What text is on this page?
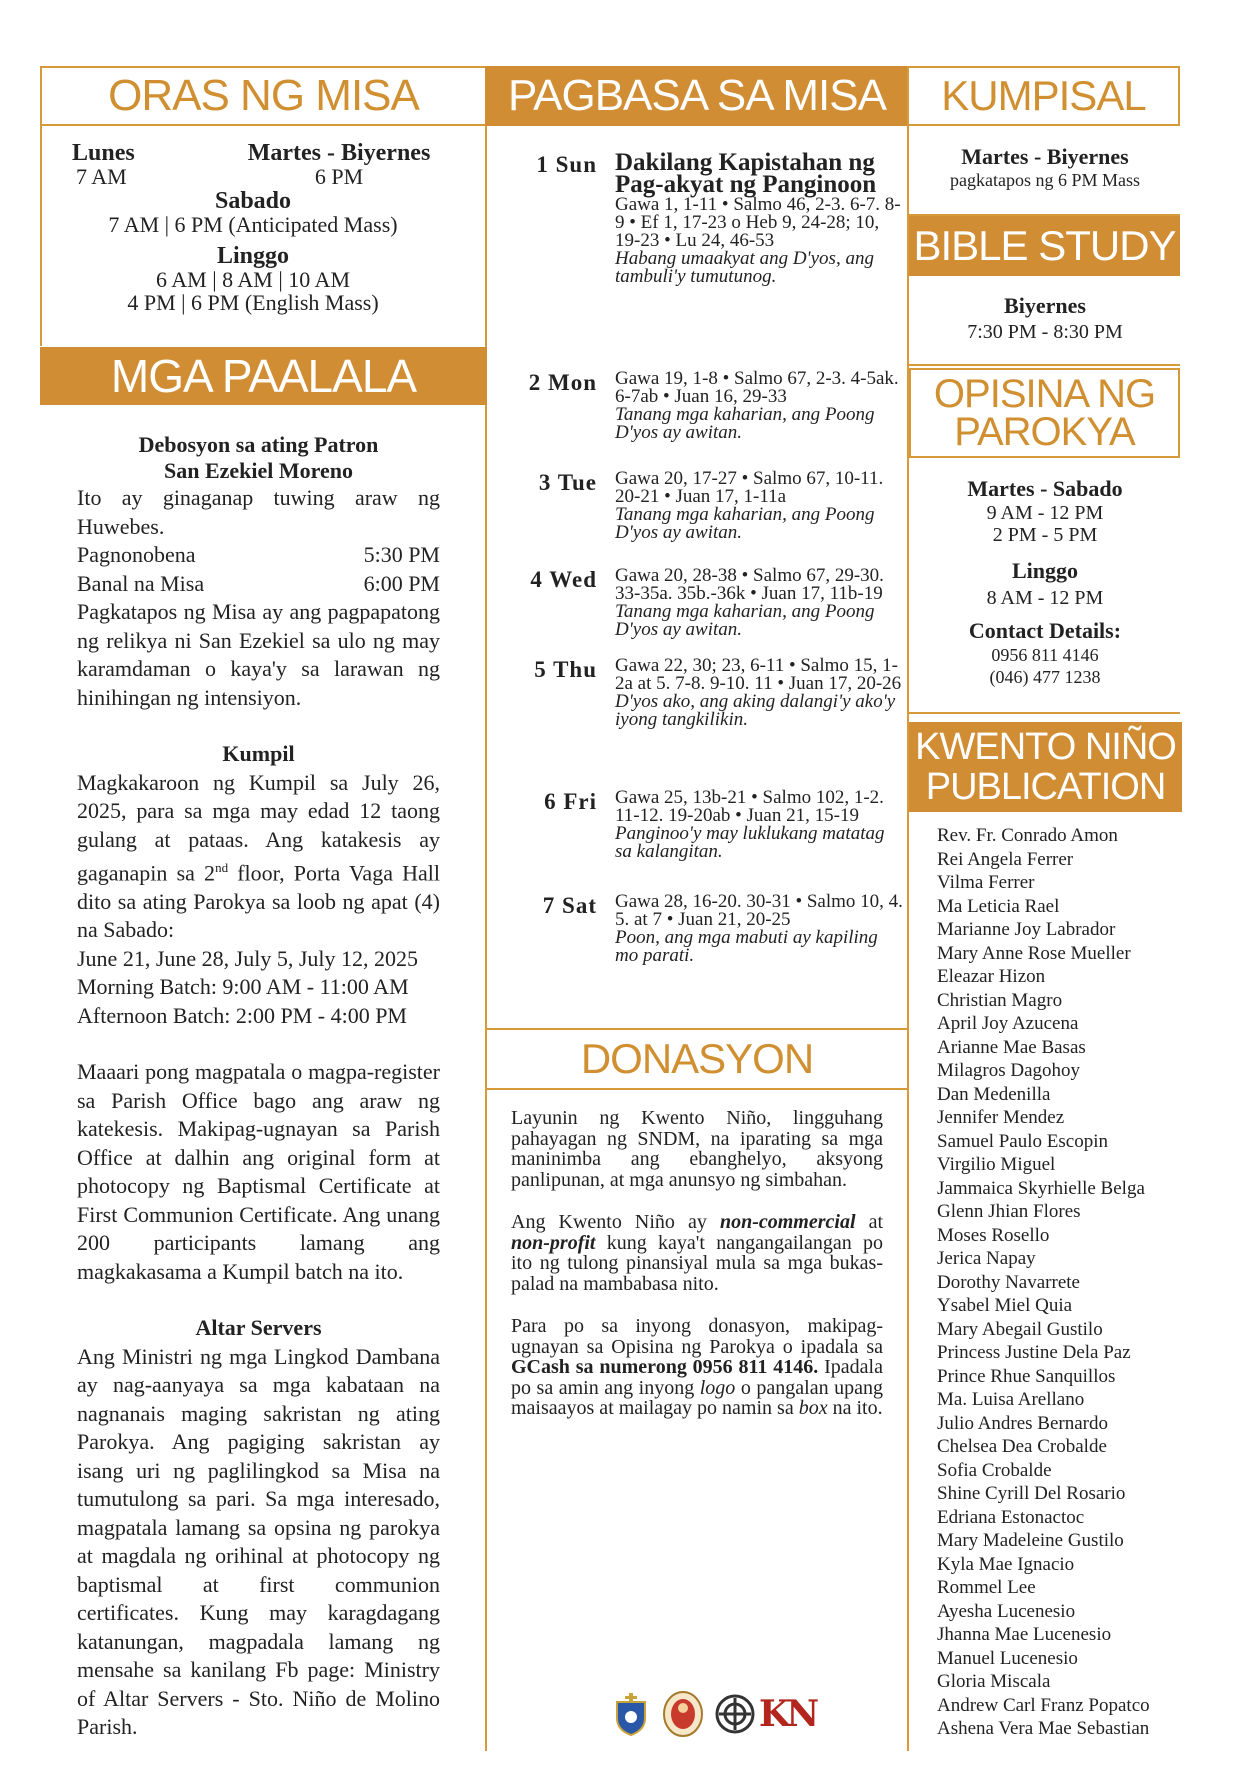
ORAS NG MISA
Lunes
7 AM
Martes - Biyernes
6 PM
Sabado
7 AM | 6 PM (Anticipated Mass)
Linggo
6 AM | 8 AM | 10 AM
4 PM | 6 PM (English Mass)
MGA PAALALA
Debosyon sa ating Patron
San Ezekiel Moreno
Ito ay ginaganap tuwing araw ng Huwebes.
Pagnonobena	5:30 PM
Banal na Misa	6:00 PM
Pagkatapos ng Misa ay ang pagpapatong ng relikya ni San Ezekiel sa ulo ng may karamdaman o kaya'y sa larawan ng hinihingan ng intensiyon.
Kumpil
Magkakaroon ng Kumpil sa July 26, 2025, para sa mga may edad 12 taong gulang at pataas. Ang katakesis ay gaganapin sa 2nd floor, Porta Vaga Hall dito sa ating Parokya sa loob ng apat (4) na Sabado:
June 21, June 28, July 5, July 12, 2025
Morning Batch: 9:00 AM - 11:00 AM
Afternoon Batch: 2:00 PM - 4:00 PM
Maaari pong magpatala o magpa-register sa Parish Office bago ang araw ng katekesis. Makipag-ugnayan sa Parish Office at dalhin ang original form at photocopy ng Baptismal Certificate at First Communion Certificate. Ang unang 200 participants lamang ang magkakasama a Kumpil batch na ito.
Altar Servers
Ang Ministri ng mga Lingkod Dambana ay nag-aanyaya sa mga kabataan na nagnanais maging sakristan ng ating Parokya. Ang pagiging sakristan ay isang uri ng paglilingkod sa Misa na tumutulong sa pari. Sa mga interesado, magpatala lamang sa opsina ng parokya at magdala ng orihinal at photocopy ng baptismal at first communion certificates. Kung may karagdagang katanungan, magpadala lamang ng mensahe sa kanilang Fb page: Ministry of Altar Servers - Sto. Niño de Molino Parish.
PAGBASA SA MISA
1 Sun Dakilang Kapistahan ng Pag-akyat ng Panginoon
Gawa 1, 1-11 • Salmo 46, 2-3. 6-7. 8-9 • Ef 1, 17-23 o Heb 9, 24-28; 10, 19-23 • Lu 24, 46-53
Habang umaakyat ang D'yos, ang tambuli'y tumutunog.
2 Mon Gawa 19, 1-8 • Salmo 67, 2-3. 4-5ak. 6-7ab • Juan 16, 29-33
Tanang mga kaharian, ang Poong D'yos ay awitan.
3 Tue Gawa 20, 17-27 • Salmo 67, 10-11. 20-21 • Juan 17, 1-11a
Tanang mga kaharian, ang Poong D'yos ay awitan.
4 Wed Gawa 20, 28-38 • Salmo 67, 29-30. 33-35a. 35b.-36k • Juan 17, 11b-19
Tanang mga kaharian, ang Poong D'yos ay awitan.
5 Thu Gawa 22, 30; 23, 6-11 • Salmo 15, 1-2a at 5. 7-8. 9-10. 11 • Juan 17, 20-26
D'yos ako, ang aking dalangi'y ako'y iyong tangkilikin.
6 Fri Gawa 25, 13b-21 • Salmo 102, 1-2. 11-12. 19-20ab • Juan 21, 15-19
Panginoo'y may luklukang matatag sa kalangitan.
7 Sat Gawa 28, 16-20. 30-31 • Salmo 10, 4. 5. at 7 • Juan 21, 20-25
Poon, ang mga mabuti ay kapiling mo parati.
DONASYON
Layunin ng Kwento Niño, lingguhang pahayagan ng SNDM, na iparating sa mga maninimba ang ebanghelyo, aksyong panlipunan, at mga anunsyo ng simbahan.
Ang Kwento Niño ay non-commercial at non-profit kung kaya't nangangailangan po ito ng tulong pinansiyal mula sa mga bukas-palad na mambabasa nito.
Para po sa inyong donasyon, makipag-ugnayan sa Opisina ng Parokya o ipadala sa GCash sa numerong 0956 811 4146. Ipadala po sa amin ang inyong logo o pangalan upang maisaayos at mailagay po namin sa box na ito.
KN
KUMPISAL
Martes - Biyernes
pagkatapos ng 6 PM Mass
BIBLE STUDY
Biyernes
7:30 PM - 8:30 PM
OPISINA NG
PAROKYA
Martes - Sabado
9 AM - 12 PM
2 PM - 5 PM
Linggo
8 AM - 12 PM
Contact Details:
0956 811 4146
(046) 477 1238
KWENTO NIÑO
PUBLICATION
Rev. Fr. Conrado Amon
Rei Angela Ferrer
Vilma Ferrer
Ma Leticia Rael
Marianne Joy Labrador
Mary Anne Rose Mueller
Eleazar Hizon
Christian Magro
April Joy Azucena
Arianne Mae Basas
Milagros Dagohoy
Dan Medenilla
Jennifer Mendez
Samuel Paulo Escopin
Virgilio Miguel
Jammaica Skyrhielle Belga
Glenn Jhian Flores
Moses Rosello
Jerica Napay
Dorothy Navarrete
Ysabel Miel Quia
Mary Abegail Gustilo
Princess Justine Dela Paz
Prince Rhue Sanquillos
Ma. Luisa Arellano
Julio Andres Bernardo
Chelsea Dea Crobalde
Sofia Crobalde
Shine Cyrill Del Rosario
Edriana Estonactoc
Mary Madeleine Gustilo
Kyla Mae Ignacio
Rommel Lee
Ayesha Lucenesio
Jhanna Mae Lucenesio
Manuel Lucenesio
Gloria Miscala
Andrew Carl Franz Popatco
Ashena Vera Mae Sebastian
